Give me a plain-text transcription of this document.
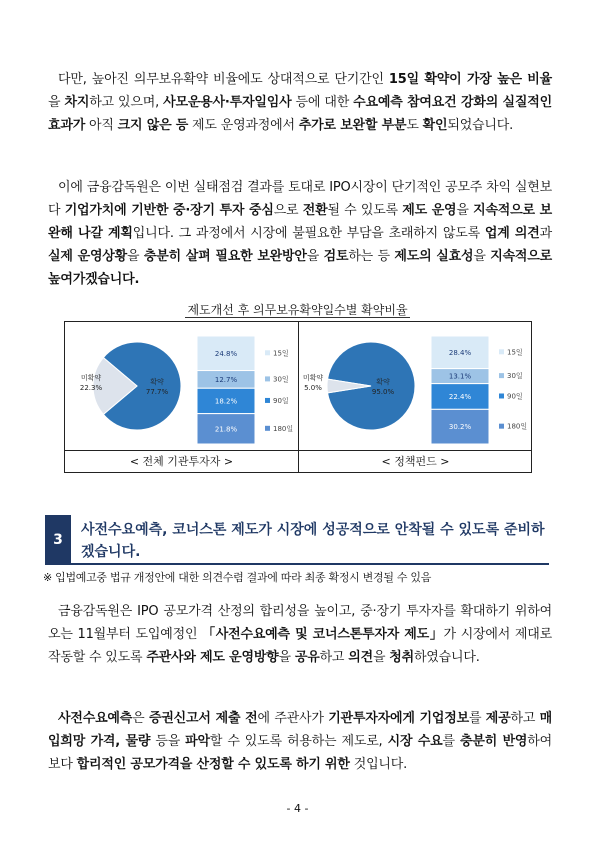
다만, 높아진 의무보유확약 비율에도 상대적으로 단기간인 15일 확약이 가장 높은 비율을 차지하고 있으며, 사모운용사·투자일임사 등에 대한 수요예측 참여요건 강화의 실질적인 효과가 아직 크지 않은 등 제도 운영과정에서 추가로 보완할 부분도 확인되었습니다.
이에 금융감독원은 이번 실태점검 결과를 토대로 IPO시장이 단기적인 공모주 차익 실현보다 기업가치에 기반한 중·장기 투자 중심으로 전환될 수 있도록 제도 운영을 지속적으로 보완해 나갈 계획입니다. 그 과정에서 시장에 불필요한 부담을 초래하지 않도록 업계 의견과 실제 운영상황을 충분히 살펴 필요한 보완방안을 검토하는 등 제도의 실효성을 지속적으로 높여가겠습니다.
제도개선 후 의무보유확약일수별 확약비율
미확약
22.3%
확약
77.7%
24.8%	15일
12.7%	30일
18.2%	90일
21.8%	180일
미확약
5.0%
확약
95.0%
28.4%	15일
13.1%	30일
22.4%	90일
30.2%	180일
< 전체 기관투자자 >	< 정책펀드 >
3
사전수요예측, 코너스톤 제도가 시장에 성공적으로 안착될 수 있도록 준비하겠습니다.
※ 입법예고중 법규 개정안에 대한 의견수렴 결과에 따라 최종 확정시 변경될 수 있음
금융감독원은 IPO 공모가격 산정의 합리성을 높이고, 중·장기 투자자를 확대하기 위하여 오는 11월부터 도입예정인 「사전수요예측 및 코너스톤투자자 제도」가 시장에서 제대로 작동할 수 있도록 주관사와 제도 운영방향을 공유하고 의견을 청취하였습니다.
사전수요예측은 증권신고서 제출 전에 주관사가 기관투자자에게 기업정보를 제공하고 매입희망 가격, 물량 등을 파악할 수 있도록 허용하는 제도로, 시장 수요를 충분히 반영하여 보다 합리적인 공모가격을 산정할 수 있도록 하기 위한 것입니다.
- 4 -
